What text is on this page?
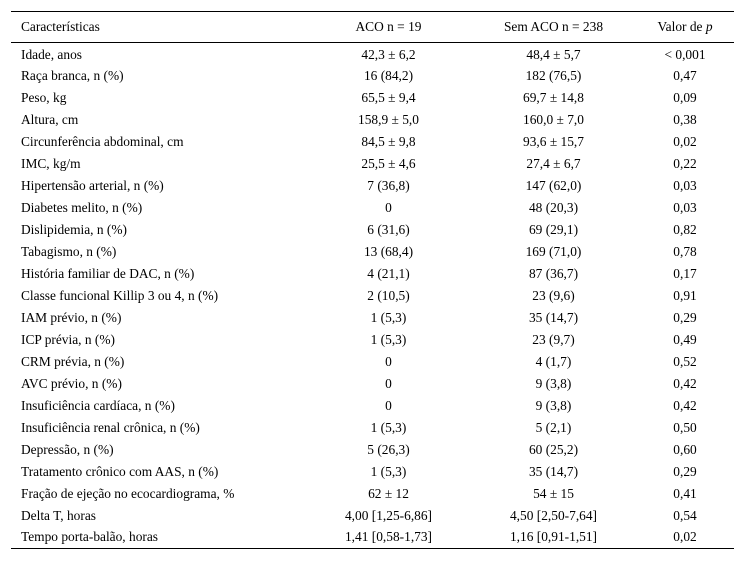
Características	ACO n = 19	Sem ACO n = 238	Valor de p
Idade, anos	42,3 ± 6,2	48,4 ± 5,7	< 0,001
Raça branca, n (%)	16 (84,2)	182 (76,5)	0,47
Peso, kg	65,5 ± 9,4	69,7 ± 14,8	0,09
Altura, cm	158,9 ± 5,0	160,0 ± 7,0	0,38
Circunferência abdominal, cm	84,5 ± 9,8	93,6 ± 15,7	0,02
IMC, kg/m	25,5 ± 4,6	27,4 ± 6,7	0,22
Hipertensão arterial, n (%)	7 (36,8)	147 (62,0)	0,03
Diabetes melito, n (%)	0	48 (20,3)	0,03
Dislipidemia, n (%)	6 (31,6)	69 (29,1)	0,82
Tabagismo, n (%)	13 (68,4)	169 (71,0)	0,78
História familiar de DAC, n (%)	4 (21,1)	87 (36,7)	0,17
Classe funcional Killip 3 ou 4, n (%)	2 (10,5)	23 (9,6)	0,91
IAM prévio, n (%)	1 (5,3)	35 (14,7)	0,29
ICP prévia, n (%)	1 (5,3)	23 (9,7)	0,49
CRM prévia, n (%)	0	4 (1,7)	0,52
AVC prévio, n (%)	0	9 (3,8)	0,42
Insuficiência cardíaca, n (%)	0	9 (3,8)	0,42
Insuficiência renal crônica, n (%)	1 (5,3)	5 (2,1)	0,50
Depressão, n (%)	5 (26,3)	60 (25,2)	0,60
Tratamento crônico com AAS, n (%)	1 (5,3)	35 (14,7)	0,29
Fração de ejeção no ecocardiograma, %	62 ± 12	54 ± 15	0,41
Delta T, horas	4,00 [1,25-6,86]	4,50 [2,50-7,64]	0,54
Tempo porta-balão, horas	1,41 [0,58-1,73]	1,16 [0,91-1,51]	0,02
